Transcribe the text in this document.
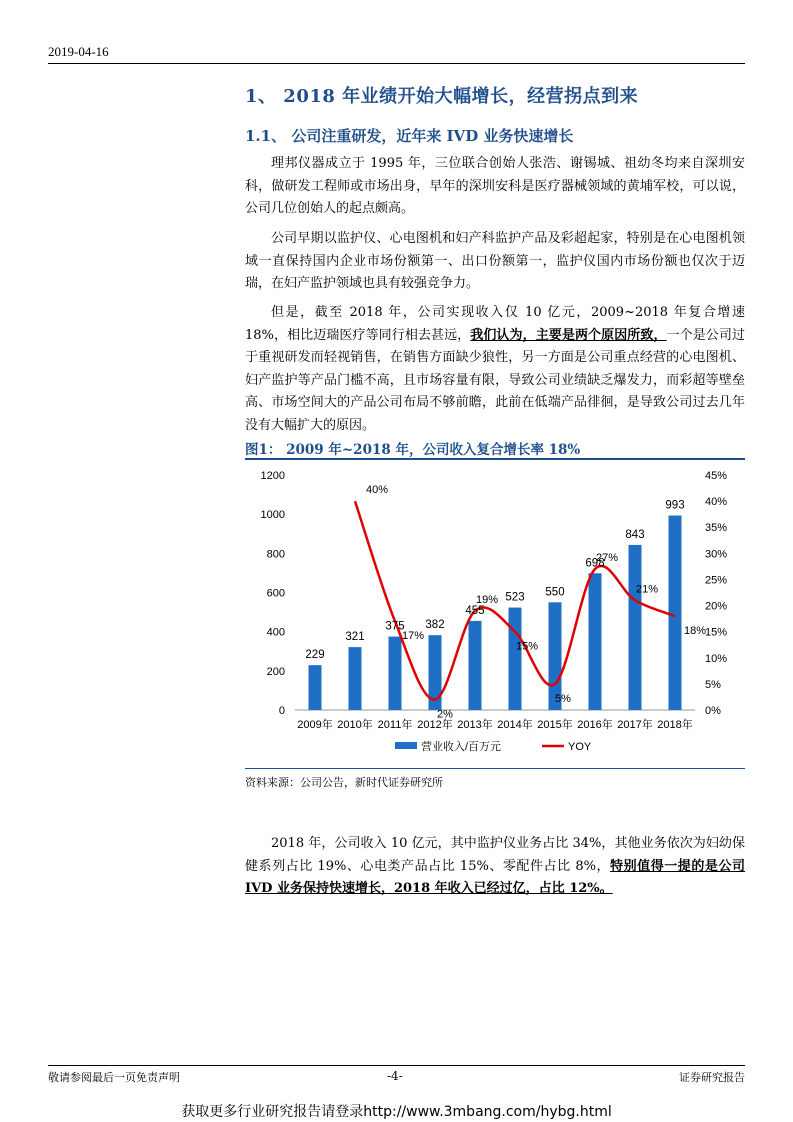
2019-04-16
1、 2018 年业绩开始大幅增长，经营拐点到来
1.1、 公司注重研发，近年来 IVD 业务快速增长
理邦仪器成立于 1995 年，三位联合创始人张浩、谢锡城、祖幼冬均来自深圳安科，做研发工程师或市场出身，早年的深圳安科是医疗器械领域的黄埔军校，可以说，公司几位创始人的起点颇高。
公司早期以监护仪、心电图机和妇产科监护产品及彩超起家，特别是在心电图机领域一直保持国内企业市场份额第一、出口份额第一，监护仪国内市场份额也仅次于迈瑞，在妇产监护领域也具有较强竞争力。
但是，截至 2018 年，公司实现收入仅 10 亿元，2009~2018 年复合增速 18%，相比迈瑞医疗等同行相去甚远，我们认为，主要是两个原因所致，一个是公司过于重视研发而轻视销售，在销售方面缺少狼性，另一方面是公司重点经营的心电图机、妇产监护等产品门槛不高，且市场容量有限，导致公司业绩缺乏爆发力，而彩超等壁垒高、市场空间大的产品公司布局不够前瞻，此前在低端产品徘徊，是导致公司过去几年没有大幅扩大的原因。
图1： 2009 年~2018 年，公司收入复合增长率 18%
0
200
400
600
800
1000
1200
0%
5%
10%
15%
20%
25%
30%
35%
40%
45%
2009年 2010年 2011年 2012年 2013年 2014年 2015年 2016年 2017年 2018年
229
321
375 382
455
523 550
698
843
993
40%
17%
2%
19%
15%
5%
27%
21%
18%
营业收入/百万元	YOY
资料来源：公司公告，新时代证券研究所
2018 年，公司收入 10 亿元，其中监护仪业务占比 34%，其他业务依次为妇幼保健系列占比 19%、心电类产品占比 15%、零配件占比 8%，特别值得一提的是公司 IVD 业务保持快速增长，2018 年收入已经过亿，占比 12%。
敬请参阅最后一页免责声明	-4-	证券研究报告
获取更多行业研究报告请登录http://www.3mbang.com/hybg.html
